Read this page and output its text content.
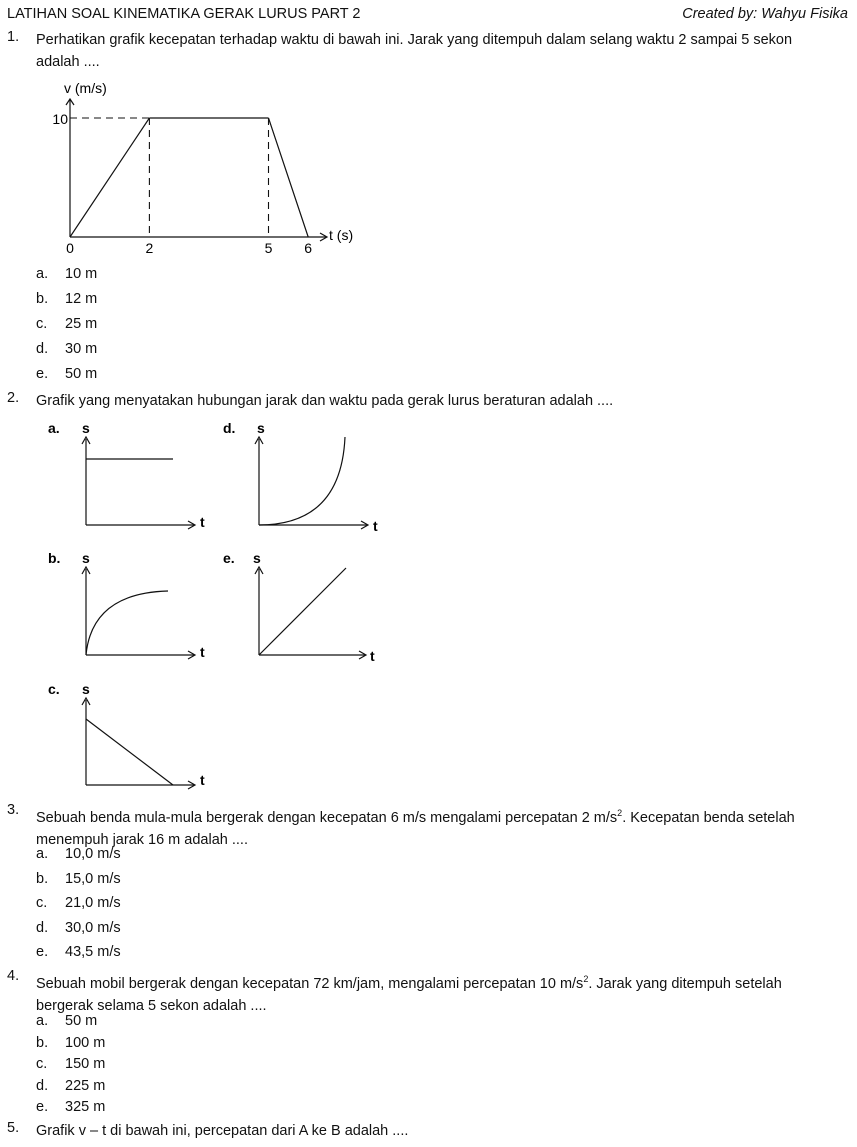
LATIHAN SOAL KINEMATIKA GERAK LURUS PART 2	Created by: Wahyu Fisika
1. Perhatikan grafik kecepatan terhadap waktu di bawah ini. Jarak yang ditempuh dalam selang waktu 2 sampai 5 sekon adalah ....
v (m/s)
t (s)
0	2	5 6
10
a. 10 m
b. 12 m
c. 25 m
d. 30 m
e. 50 m
2. Grafik yang menyatakan hubungan jarak dan waktu pada gerak lurus beraturan adalah ....
a. s
t
d. s
t
b. s
t
e. s
t
c. s
t
3. Sebuah benda mula-mula bergerak dengan kecepatan 6 m/s mengalami percepatan 2 $m/s^2$. Kecepatan benda setelah menempuh jarak 16 m adalah ....
a. 10,0 m/s
b. 15,0 m/s
c. 21,0 m/s
d. 30,0 m/s
e. 43,5 m/s
4. Sebuah mobil bergerak dengan kecepatan 72 km/jam, mengalami percepatan 10 $m/s^2$. Jarak yang ditempuh setelah bergerak selama 5 sekon adalah ....
a. 50 m
b. 100 m
c. 150 m
d. 225 m
e. 325 m
5. Grafik v – t di bawah ini, percepatan dari A ke B adalah ....
